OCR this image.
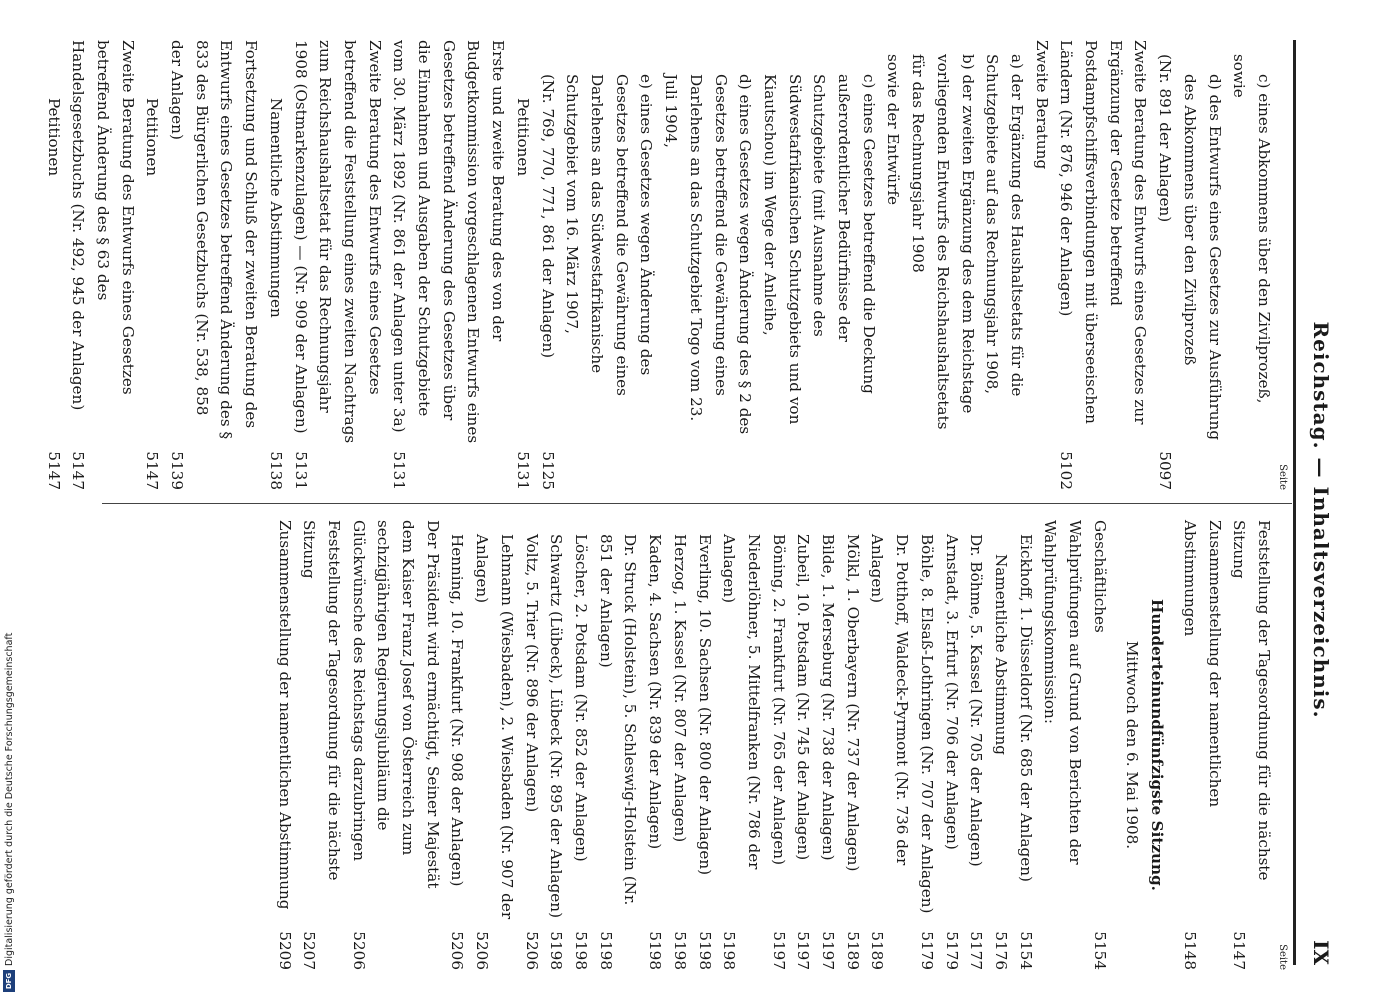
Reichstag. — Inhaltsverzeichnis.
IX
Seite
c) eines Abkommens über den Zivilprozeß,
sowie
d) des Entwurfs eines Gesetzes zur Ausführung des Abkommens über den Zivilprozeß
(Nr. 891 der Anlagen)
5097
Zweite Beratung des Entwurfs eines Gesetzes zur Ergänzung der Gesetze betreffend Postdampfschiffsverbindungen mit überseeischen Ländern (Nr. 876, 946 der Anlagen)
5102
Zweite Beratung
a) der Ergänzung des Haushaltsetats für die Schutzgebiete auf das Rechnungsjahr 1908,
b) der zweiten Ergänzung des dem Reichstage vorliegenden Entwurfs des Reichshaushaltsetats für das Rechnungsjahr 1908
sowie der Entwürfe
c) eines Gesetzes betreffend die Deckung außerordentlicher Bedürfnisse der Schutzgebiete (mit Ausnahme des Südwestafrikanischen Schutzgebiets und von Kiautschou) im Wege der Anleihe,
d) eines Gesetzes wegen Änderung des § 2 des Gesetzes betreffend die Gewährung eines Darlehens an das Schutzgebiet Togo vom 23. Juli 1904,
e) eines Gesetzes wegen Änderung des Gesetzes betreffend die Gewährung eines Darlehens an das Südwestafrikanische Schutzgebiet vom 16. März 1907,
(Nr. 769, 770, 771, 861 der Anlagen)
5125
Petitionen
5131
Erste und zweite Beratung des von der Budgetkommission vorgeschlagenen Entwurfs eines Gesetzes betreffend Änderung des Gesetzes über die Einnahmen und Ausgaben der Schutzgebiete vom 30. März 1892 (Nr. 861 der Anlagen unter 3a)
5131
Zweite Beratung des Entwurfs eines Gesetzes betreffend die Feststellung eines zweiten Nachtrags zum Reichshaushaltsetat für das Rechnungsjahr 1908 (Ostmarkenzulagen) — (Nr. 909 der Anlagen)
5131
Namentliche Abstimmungen
5138
Fortsetzung und Schluß der zweiten Beratung des Entwurfs eines Gesetzes betreffend Änderung des § 833 des Bürgerlichen Gesetzbuchs (Nr. 538, 858 der Anlagen)
5139
Petitionen
5147
Zweite Beratung des Entwurfs eines Gesetzes betreffend Änderung des § 63 des Handelsgesetzbuchs (Nr. 492, 945 der Anlagen)
5147
Petitionen
5147
Seite
Feststellung der Tagesordnung für die nächste Sitzung
5147
Zusammenstellung der namentlichen Abstimmungen
5148
Hunderteinundfünfzigste Sitzung.
Mittwoch den 6. Mai 1908.
Geschäftliches
5154
Wahlprüfungen auf Grund von Berichten der Wahlprüfungskommission:
Eickhoff, 1. Düsseldorf (Nr. 685 der Anlagen)
5154
Namentliche Abstimmung
5176
Dr. Böhme, 5. Kassel (Nr. 705 der Anlagen)
5177
Arnstadt, 3. Erfurt (Nr. 706 der Anlagen)
5179
Böhle, 8. Elsaß-Lothringen (Nr. 707 der Anlagen)
5179
Dr. Potthoff, Waldeck-Pyrmont (Nr. 736 der Anlagen)
5189
Mölkl, 1. Oberbayern (Nr. 737 der Anlagen)
5189
Bilde, 1. Merseburg (Nr. 738 der Anlagen)
5197
Zubeil, 10. Potsdam (Nr. 745 der Anlagen)
5197
Böning, 2. Frankfurt (Nr. 765 der Anlagen)
5197
Niederlöhner, 5. Mittelfranken (Nr. 786 der Anlagen)
5198
Everling, 10. Sachsen (Nr. 800 der Anlagen)
5198
Herzog, 1. Kassel (Nr. 807 der Anlagen)
5198
Kaden, 4. Sachsen (Nr. 839 der Anlagen)
5198
Dr. Struck (Holstein), 5. Schleswig-Holstein (Nr. 851 der Anlagen)
5198
Löscher, 2. Potsdam (Nr. 852 der Anlagen)
5198
Schwartz (Lübeck), Lübeck (Nr. 895 der Anlagen)
5198
Voltz, 5. Trier (Nr. 896 der Anlagen)
5206
Lehmann (Wiesbaden), 2. Wiesbaden (Nr. 907 der Anlagen)
5206
Henning, 10. Frankfurt (Nr. 908 der Anlagen)
5206
Der Präsident wird ermächtigt, Seiner Majestät dem Kaiser Franz Josef von Österreich zum sechzigjährigen Regierungsjubiläum die Glückwünsche des Reichstags darzubringen
5206
Feststellung der Tagesordnung für die nächste Sitzung
5207
Zusammenstellung der namentlichen Abstimmung
5209
DFG
Digitalisierung gefördert durch die Deutsche Forschungsgemeinschaft
